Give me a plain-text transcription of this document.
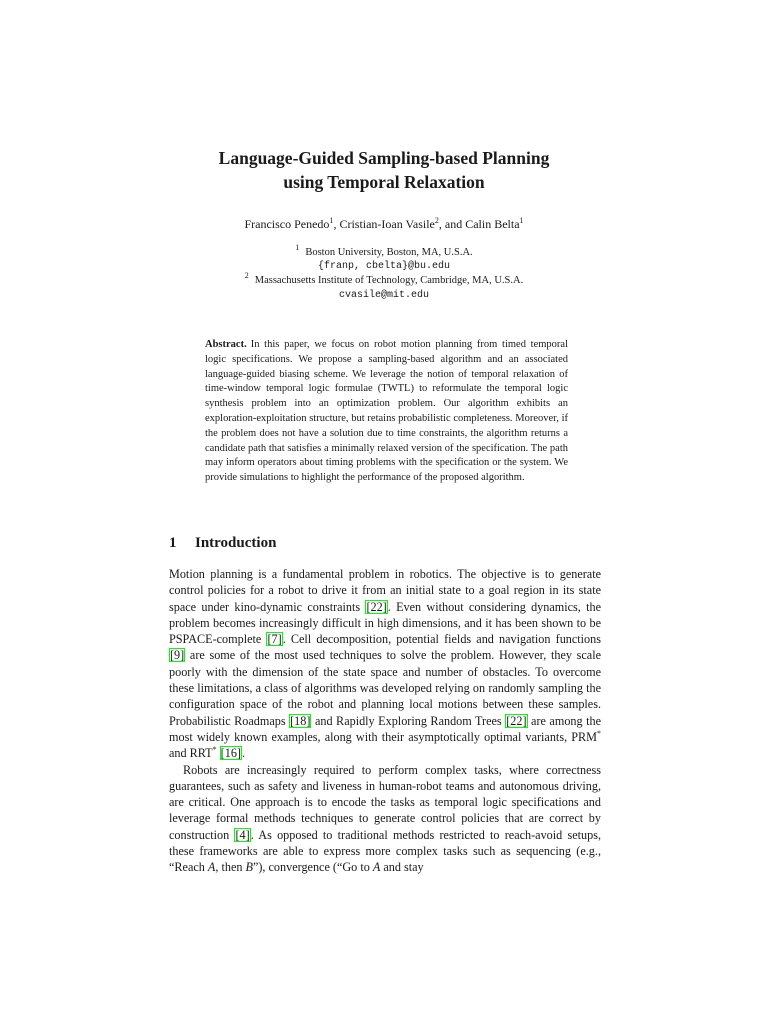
Language-Guided Sampling-based Planning
using Temporal Relaxation
Francisco Penedo$^1$, Cristian-Ioan Vasile$^2$, and Calin Belta$^1$
$^1$ Boston University, Boston, MA, U.S.A.
{franp, cbelta}@bu.edu
$^2$ Massachusetts Institute of Technology, Cambridge, MA, U.S.A.
cvasile@mit.edu
Abstract. In this paper, we focus on robot motion planning from timed temporal logic specifications. We propose a sampling-based algorithm and an associated language-guided biasing scheme. We leverage the notion of temporal relaxation of time-window temporal logic formulae (TWTL) to reformulate the temporal logic synthesis problem into an optimization problem. Our algorithm exhibits an exploration-exploitation structure, but retains probabilistic completeness. Moreover, if the problem does not have a solution due to time constraints, the algorithm returns a candidate path that satisfies a minimally relaxed version of the specification. The path may inform operators about timing problems with the specification or the system. We provide simulations to highlight the performance of the proposed algorithm.
1 Introduction

Motion planning is a fundamental problem in robotics. The objective is to generate control policies for a robot to drive it from an initial state to a goal region in its state space under kino-dynamic constraints [22]. Even without considering dynamics, the problem becomes increasingly difficult in high dimensions, and it has been shown to be PSPACE-complete [7]. Cell decomposition, potential fields and navigation functions [9] are some of the most used techniques to solve the problem. However, they scale poorly with the dimension of the state space and number of obstacles. To overcome these limitations, a class of algorithms was developed relying on randomly sampling the configuration space of the robot and planning local motions between these samples. Probabilistic Roadmaps [18] and Rapidly Exploring Random Trees [22] are among the most widely known examples, along with their asymptotically optimal variants, PRM* and RRT* [16].

Robots are increasingly required to perform complex tasks, where correctness guarantees, such as safety and liveness in human-robot teams and autonomous driving, are critical. One approach is to encode the tasks as temporal logic specifications and leverage formal methods techniques to generate control policies that are correct by construction [4]. As opposed to traditional methods restricted to reach-avoid setups, these frameworks are able to express more complex tasks such as sequencing (e.g., “Reach A, then B”), convergence (“Go to A and stay
